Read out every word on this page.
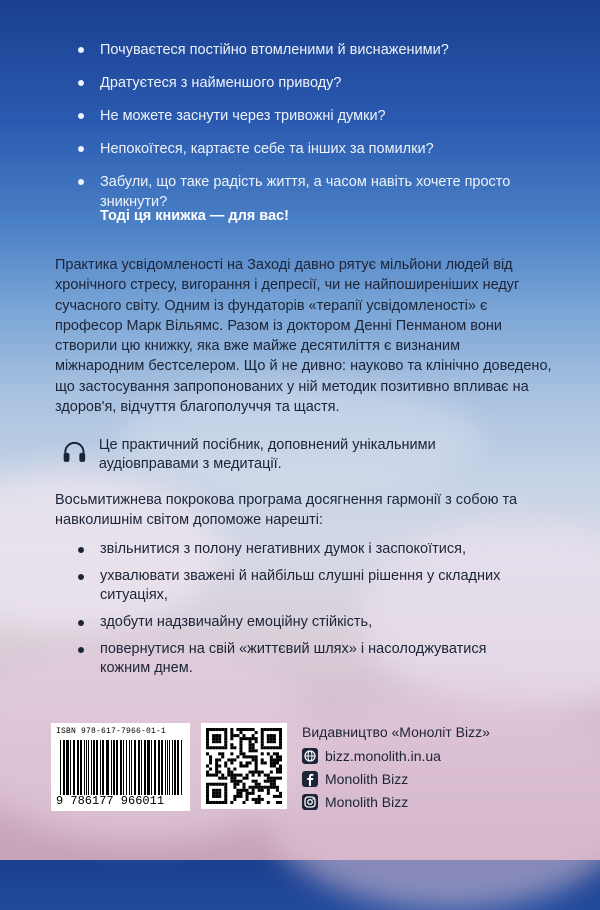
Почуваєтеся постійно втомленими й виснаженими?
Дратуєтеся з найменшого приводу?
Не можете заснути через тривожні думки?
Непокоїтеся, картаєте себе та інших за помилки?
Забули, що таке радість життя, а часом навіть хочете просто зникнути?
Тоді ця книжка — для вас!

Практика усвідомленості на Заході давно рятує мільйони людей від хронічного стресу, вигорання і депресії, чи не найпоширеніших недуг сучасного світу. Одним із фундаторів «терапії усвідомленості» є професор Марк Вільямс. Разом із доктором Денні Пенманом вони створили цю книжку, яка вже майже десятиліття є визнаним міжнародним бестселером. Що й не дивно: науково та клінічно доведено, що застосування запропонованих у ній методик позитивно впливає на здоров'я, відчуття благополуччя та щастя.

Це практичний посібник, доповнений унікальними аудіовправами з медитації.

Восьмитижнева покрокова програма досягнення гармонії з собою та навколишнім світом допоможе нарешті:

звільнитися з полону негативних думок і заспокоїтися,
ухвалювати зважені й найбільш слушні рішення у складних ситуаціях,
здобути надзвичайну емоційну стійкість,
повернутися на свій «життєвий шлях» і насолоджуватися кожним днем.
ISBN 978-617-7966-01-1
9 786177 966011
Видавництво «Моноліт Bizz»
bizz.monolith.in.ua
Monolith Bizz
Monolith Bizz
